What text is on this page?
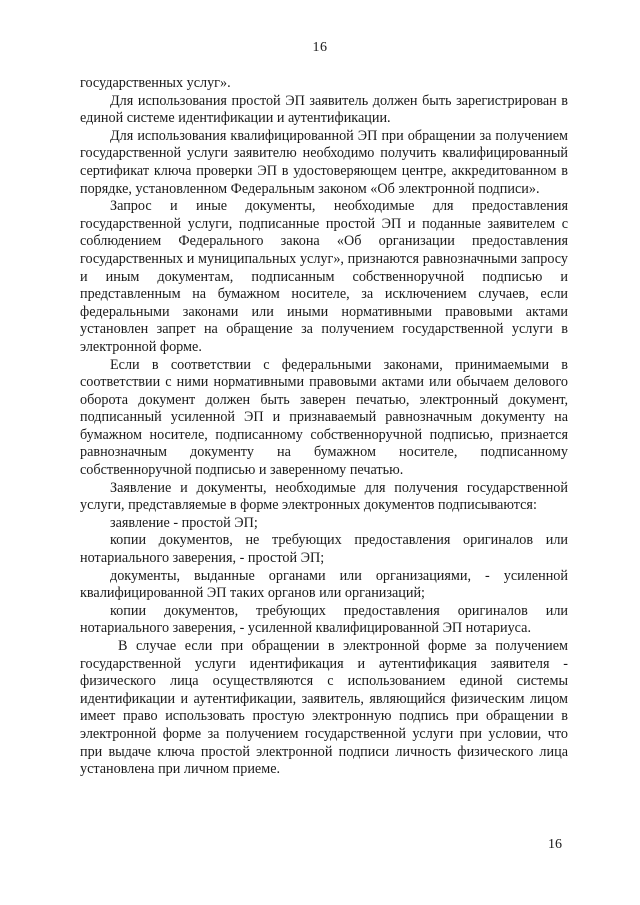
16

государственных услуг».

Для использования простой ЭП заявитель должен быть зарегистрирован в единой системе идентификации и аутентификации.

Для использования квалифицированной ЭП при обращении за получением государственной услуги заявителю необходимо получить квалифицированный сертификат ключа проверки ЭП в удостоверяющем центре, аккредитованном в порядке, установленном Федеральным законом «Об электронной подписи».

Запрос и иные документы, необходимые для предоставления государственной услуги, подписанные простой ЭП и поданные заявителем с соблюдением Федерального закона «Об организации предоставления государственных и муниципальных услуг», признаются равнозначными запросу и иным документам, подписанным собственноручной подписью и представленным на бумажном носителе, за исключением случаев, если федеральными законами или иными нормативными правовыми актами установлен запрет на обращение за получением государственной услуги в электронной форме.

Если в соответствии с федеральными законами, принимаемыми в соответствии с ними нормативными правовыми актами или обычаем делового оборота документ должен быть заверен печатью, электронный документ, подписанный усиленной ЭП и признаваемый равнозначным документу на бумажном носителе, подписанному собственноручной подписью, признается равнозначным документу на бумажном носителе, подписанному собственноручной подписью и заверенному печатью.

Заявление и документы, необходимые для получения государственной услуги, представляемые в форме электронных документов подписываются:

заявление - простой ЭП;

копии документов, не требующих предоставления оригиналов или нотариального заверения, - простой ЭП;

документы, выданные органами или организациями, - усиленной квалифицированной ЭП таких органов или организаций;

копии документов, требующих предоставления оригиналов или нотариального заверения, - усиленной квалифицированной ЭП нотариуса.

В случае если при обращении в электронной форме за получением государственной услуги идентификация и аутентификация заявителя - физического лица осуществляются с использованием единой системы идентификации и аутентификации, заявитель, являющийся физическим лицом имеет право использовать простую электронную подпись при обращении в электронной форме за получением государственной услуги при условии, что при выдаче ключа простой электронной подписи личность физического лица установлена при личном приеме.

16
